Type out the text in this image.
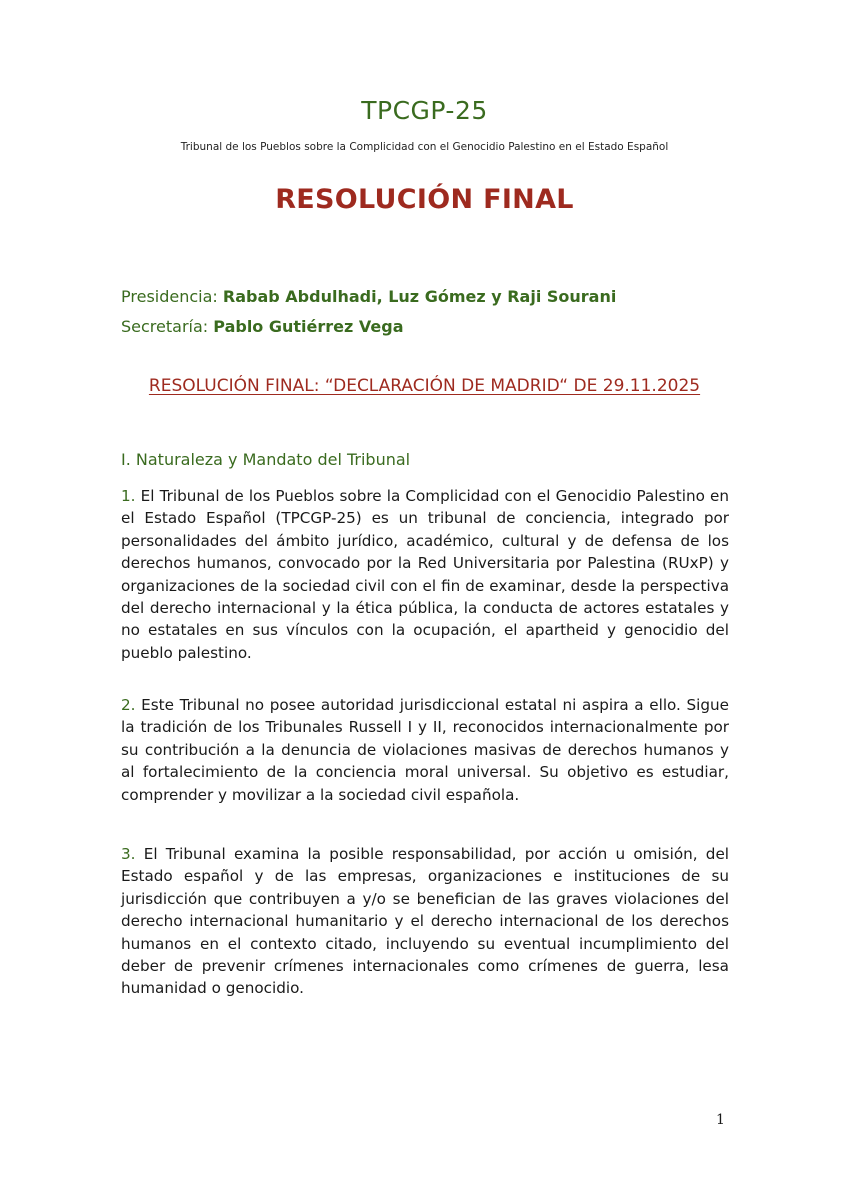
TPCGP-25
Tribunal de los Pueblos sobre la Complicidad con el Genocidio Palestino en el Estado Español
RESOLUCIÓN FINAL
Presidencia: Rabab Abdulhadi, Luz Gómez y Raji Sourani
Secretaría: Pablo Gutiérrez Vega
RESOLUCIÓN FINAL: “DECLARACIÓN DE MADRID“ DE 29.11.2025
I. Naturaleza y Mandato del Tribunal
1. El Tribunal de los Pueblos sobre la Complicidad con el Genocidio Palestino en el Estado Español (TPCGP-25) es un tribunal de conciencia, integrado por personalidades del ámbito jurídico, académico, cultural y de defensa de los derechos humanos, convocado por la Red Universitaria por Palestina (RUxP) y organizaciones de la sociedad civil con el fin de examinar, desde la perspectiva del derecho internacional y la ética pública, la conducta de actores estatales y no estatales en sus vínculos con la ocupación, el apartheid y genocidio del pueblo palestino.
2. Este Tribunal no posee autoridad jurisdiccional estatal ni aspira a ello. Sigue la tradición de los Tribunales Russell I y II, reconocidos internacionalmente por su contribución a la denuncia de violaciones masivas de derechos humanos y al fortalecimiento de la conciencia moral universal. Su objetivo es estudiar, comprender y movilizar a la sociedad civil española.
3. El Tribunal examina la posible responsabilidad, por acción u omisión, del Estado español y de las empresas, organizaciones e instituciones de su jurisdicción que contribuyen a y/o se benefician de las graves violaciones del derecho internacional humanitario y el derecho internacional de los derechos humanos en el contexto citado, incluyendo su eventual incumplimiento del deber de prevenir crímenes internacionales como crímenes de guerra, lesa humanidad o genocidio.
1
